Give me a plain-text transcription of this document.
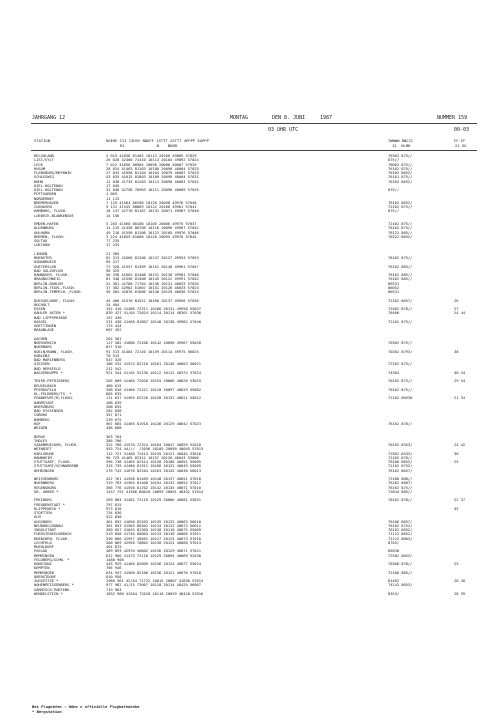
JAHRGANG 12	MONTAG	DEN 8. JUNI	1987	NUMMER 159
03 UHR UTC	00-03
STATION	HOEHE III IIHVV NDDFF 1STTT 2STTT 4PPPP 5APPP
RI              N    NDDD
7WWWW 8NCCC
12  HLMH
FF-FF
21 GG
HELGOLAND	4 015 41658 81405 10113 20100 49889 57029	76362 875//
LIST/SYLT	26 020 42460 71410 10113 20104 49892 57024	875//
LECK	7 022 41656 80904 10098 20080 40007 57029	76062 875//
HUSUM	28 024 41463 81203 10108 20090 40004 57025	76162 875//
FLENSBURG/MEERWIK	27 033 41658 81104 10104 20079 40007 57029	76162 8652/
SCHLESWIG	43 035 41615 81003 10109 20099 40004 57031	76161 875//
HOHN	12 036 41735 81203 10113 20090 40003 57032	76162 8652/
KIEL-HOLTENAU	17 045
KIEL-HOLTENAU	31 046 42758 70903 10111 20090 40009 57035	875//
PUTTGARDEN	1 063
NORDERNEY	11 113
BREMERHAVEN	7 129 41564 80708 10126 20098 49976 57046	76162 8652/
CUXHAVEN	5 131 41545 80809 10122 20108 49981 57041	72162 875//
HAMBURG, FLUGH.	16 147 42770 81107 10131 20071 49987 57040	875//
LUEBECK-BLANKENSEE	14 156
EMDEN-HAFEN	5 203 41560 80108 10105 20086 49975 57037	72162 875//
OLDENBURG	11 215 41458 80706 10116 20096 49967 57042	76162 875//
AHLHORN	49 218 41558 81106 10123 20105 49976 57046	76122 865//
BREMEN, FLUGH.	3 224 41659 81008 10126 20095 49970 57044	76322 8652/
SOLTAU	77 235
LUECHOW	17 253
LINGEN	21 305
MUENSTER	62 313 41660 81206 10137 20127 49953 57053	76162 875//
OSNABRUECK	95 317
GUETERSLOH	72 320 41557 81309 10151 20140 49961 57047	76162 885//
BAD SALZUFLEN	98 325
HANNOVER, FLUGH.	56 338 41662 81408 10151 20138 49981 57046	76162 885//
BRAUNSCHWEIG	81 348 41556 81508 10145 20122 49991 57042	76162 885//
BERLIN-DAHLEM	51 381 42780 71704 10136 20131 40033 57026	86531
BERLIN-TEGEL,FLUGH.	37 382 42981 61607 10151 20126 40033 57023	86052
BERLIN-TEMPELH.,FLUGH.	50 384 42876 61606 10140 20129 40036 57024	86531
DUESSELDORF, FLUGH.	45 400 41570 81912 10160 20137 49956 57036	72162 8657/	26
BOCHOLT	24 404
ESSEN	152 410 41480 72311 10166 20131 49958 55037	72562 878//	27
KAHLER ASTEN *	839 427 41/04 72024 10114 20114 48361 57036	76466	24 44
BAD LIPPSPRINGE	157 430
KASSEL	231 438 41468 81807 10148 20138 49982 57040	72162 875//
GOETTINGEN	175 444
BRAUNLAGE	607 452
AACHEN	202 501
NOERVENICH	117 502 41680 72208 10142 20090 49967 55020	70362 875//
NUERBURG	627 510
KOELN/BONN, FLUGH.	91 513 41484 72120 10159 20114 49975 56025	70262 8793/	38
KOBLENZ	70 515
BAD MARIENBERG	547 526
GIESSEN	186 532 41574 82210 10161 20146 40003 56021	72162 875//
BAD HERSFELD	212 542
WASSERKUPPE *	921 544 41/04 92130 10112 20112 48374 57024	74364	30 44
TRIER-PETRISBERG	265 609 41480 72026 10155 20066 40020 53019	70162 875//	29 54
DEUSELBACH	480 615
PFERDSFELD	396 626 41480 72221 10110 20097 40029 55002	70162 875//
KL.FELDBERG/TS. *	805 635
FRANKFURT/M,FLUGH.	111 637 41565 62220 10158 20131 40021 55012	72162 86530	21 34
DARMSTADT	108 639
WUERZBURG	268 655
BAD KISSINGEN	282 658
COBURG	357 671
BAMBERG	239 675
HOF	567 685 41465 81910 10136 20129 40042 57023	76162 878//
WEIDEN	438 688
BERUS	363 704
THOLEY	386 706
SAARBRUECKEN, FLUGH.	322 708 41570 72324 10104 20047 40059 52018	70162 8353/	24 42
WEINBIET	553 724 44///  /2036 10105 20090 40045 57013
KARLSRUHE	112 727 41480 72413 10135 20121 40045 53016	72562 8433/	30
MANNHEIM	96 729 41465 82312 10157 20120 40043 53006	72162 878//
STUTTGART, FLUGH.	396 738 41465 82414 10150 20108 40051 55005	76166 8652/	25
STUTTGART/SCHNARRENB	315 739 41480 81911 10166 20122 40049 55005	72162 8752/
OEHRINGEN	276 742 41670 82104 10163 20142 40036 56013	76162 8657/
WEISSENBURG	422 761 41558 81409 10148 20137 40051 57018	72186 888//
NUERNBERG	319 763 41565 81408 10154 20132 40052 57017	76162 8687/
REGENSBURG	366 776 41550 81702 10142 20135 40071 57010	76162 875//
GR. ARBER *	1437 791 41386 80610 10099 20091 48432 57014	72844 885//
FREIBURG	269 803 41482 72119 10129 20086 40081 53031	70162 878//	22 37
FREUDENSTADT *	797 815
KLIPPENECK *	973 818	35
STOETTEN	734 836
ULM	522 838
AUGSBURG	461 852 41650 82203 10139 20132 40063 56010	76166 8657/
NEUBURG/DONAU	381 853 41565 80302 10134 20122 40072 56012	76162 8752/
INGOLSTADT	369 857 41645 82305 10130 20110 40075 55009	76162 8652/
FUERSTENFELDBRUCK	519 858 41740 80003 10133 20130 40066 57011	71122 8652/
MUENCHEN, FLUGH.	530 866 41957 40501 10127 20125 40073 57010	71122 8603/
LECHFELD	560 869 42958 70802 10130 20124 40068 57013	8703/
MUEHLDORF	401 875
PASSAU	409 893 42970 50602 10136 20129 40071 57021	85030
MEMMINGEN	612 900 41475 72116 10129 20094 40069 52030	72582 8652/
FELDBERG/SCHW. *	1486 908
KONSTANZ	443 929 41460 82609 10136 20124 40077 55024	76366 878//	25
KEMPTEN	705 946
MEMMINGEN	634 947 41560 82106 10136 20121 40076 57010	72166 885//
OBERSTDORF	810 958
ZUGSPITZE *	2960 961 42/84 71722 10015 20007 41030 57014	81462	28 38
HOHENPEISSENBERG *	977 962 41/15 73007 10118 20114 48425 56007	74142 8653/
GARMISCH-PARTENK.	719 963
WENDELSTEIN *	1832 980 42484 72018 10118 20039 48428 57016	8353/	28 39
Bei Flughäfen : Höhe = offizielle Flughafenhöhe
* Bergstation
